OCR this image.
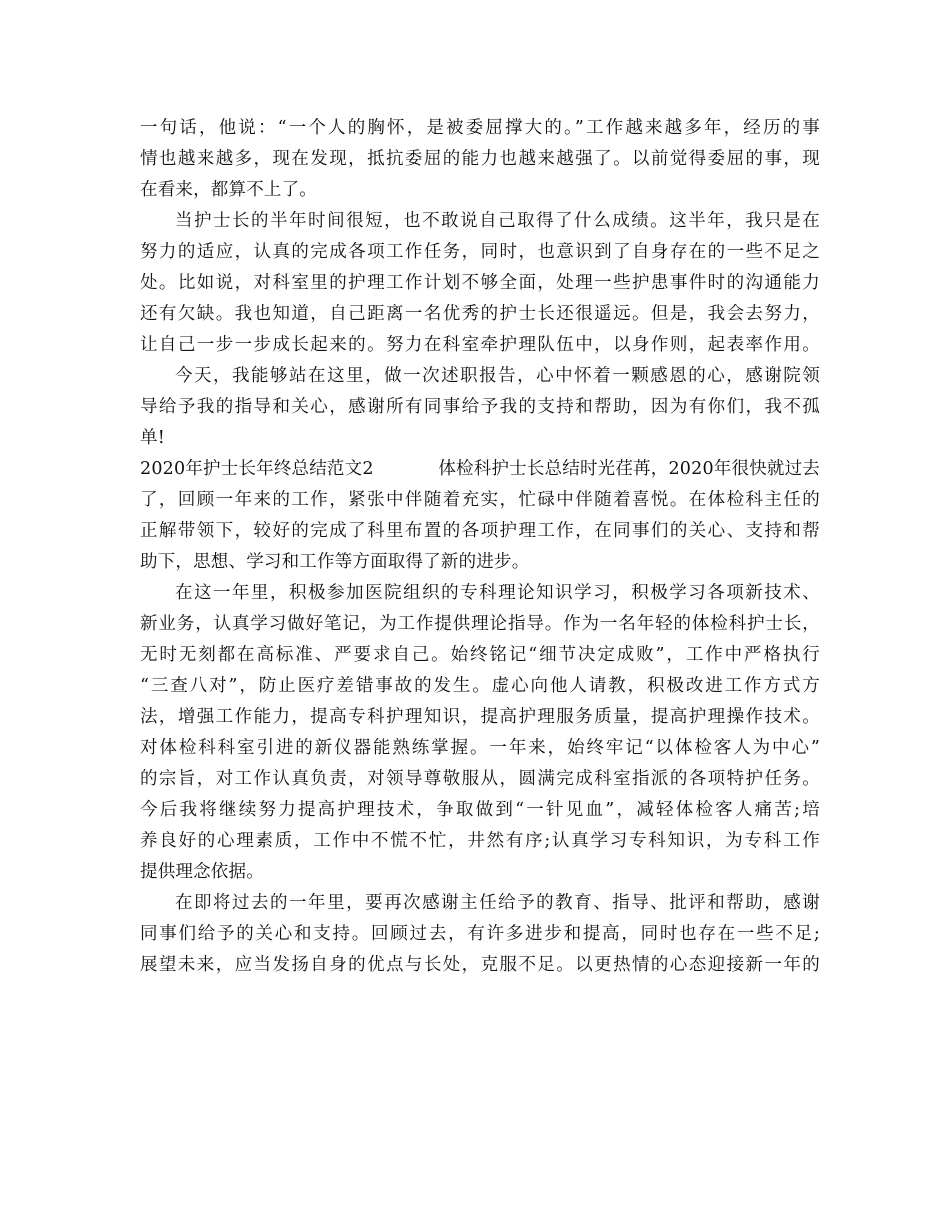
一句话，他说：“一个人的胸怀，是被委屈撑大的。”工作越来越多年，经历的事
情也越来越多，现在发现，抵抗委屈的能力也越来越强了。以前觉得委屈的事，现
在看来，都算不上了。
当护士长的半年时间很短，也不敢说自己取得了什么成绩。这半年，我只是在
努力的适应，认真的完成各项工作任务，同时，也意识到了自身存在的一些不足之
处。比如说，对科室里的护理工作计划不够全面，处理一些护患事件时的沟通能力
还有欠缺。我也知道，自己距离一名优秀的护士长还很遥远。但是，我会去努力，
让自己一步一步成长起来的。努力在科室牵护理队伍中，以身作则，起表率作用。
今天，我能够站在这里，做一次述职报告，心中怀着一颗感恩的心，感谢院领
导给予我的指导和关心，感谢所有同事给予我的支持和帮助，因为有你们，我不孤
单!
2020年护士长年终总结范文2	体检科护士长总结时光荏苒，2020年很快就过去
了，回顾一年来的工作，紧张中伴随着充实，忙碌中伴随着喜悦。在体检科主任的
正解带领下，较好的完成了科里布置的各项护理工作，在同事们的关心、支持和帮
助下，思想、学习和工作等方面取得了新的进步。
在这一年里，积极参加医院组织的专科理论知识学习，积极学习各项新技术、
新业务，认真学习做好笔记，为工作提供理论指导。作为一名年轻的体检科护士长，
无时无刻都在高标准、严要求自己。始终铭记“细节决定成败”，工作中严格执行
“三查八对”，防止医疗差错事故的发生。虚心向他人请教，积极改进工作方式方
法，增强工作能力，提高专科护理知识，提高护理服务质量，提高护理操作技术。
对体检科科室引进的新仪器能熟练掌握。一年来，始终牢记“以体检客人为中心”
的宗旨，对工作认真负责，对领导尊敬服从，圆满完成科室指派的各项特护任务。
今后我将继续努力提高护理技术，争取做到“一针见血”，减轻体检客人痛苦;培
养良好的心理素质，工作中不慌不忙，井然有序;认真学习专科知识，为专科工作
提供理念依据。
在即将过去的一年里，要再次感谢主任给予的教育、指导、批评和帮助，感谢
同事们给予的关心和支持。回顾过去，有许多进步和提高，同时也存在一些不足;
展望未来，应当发扬自身的优点与长处，克服不足。以更热情的心态迎接新一年的
